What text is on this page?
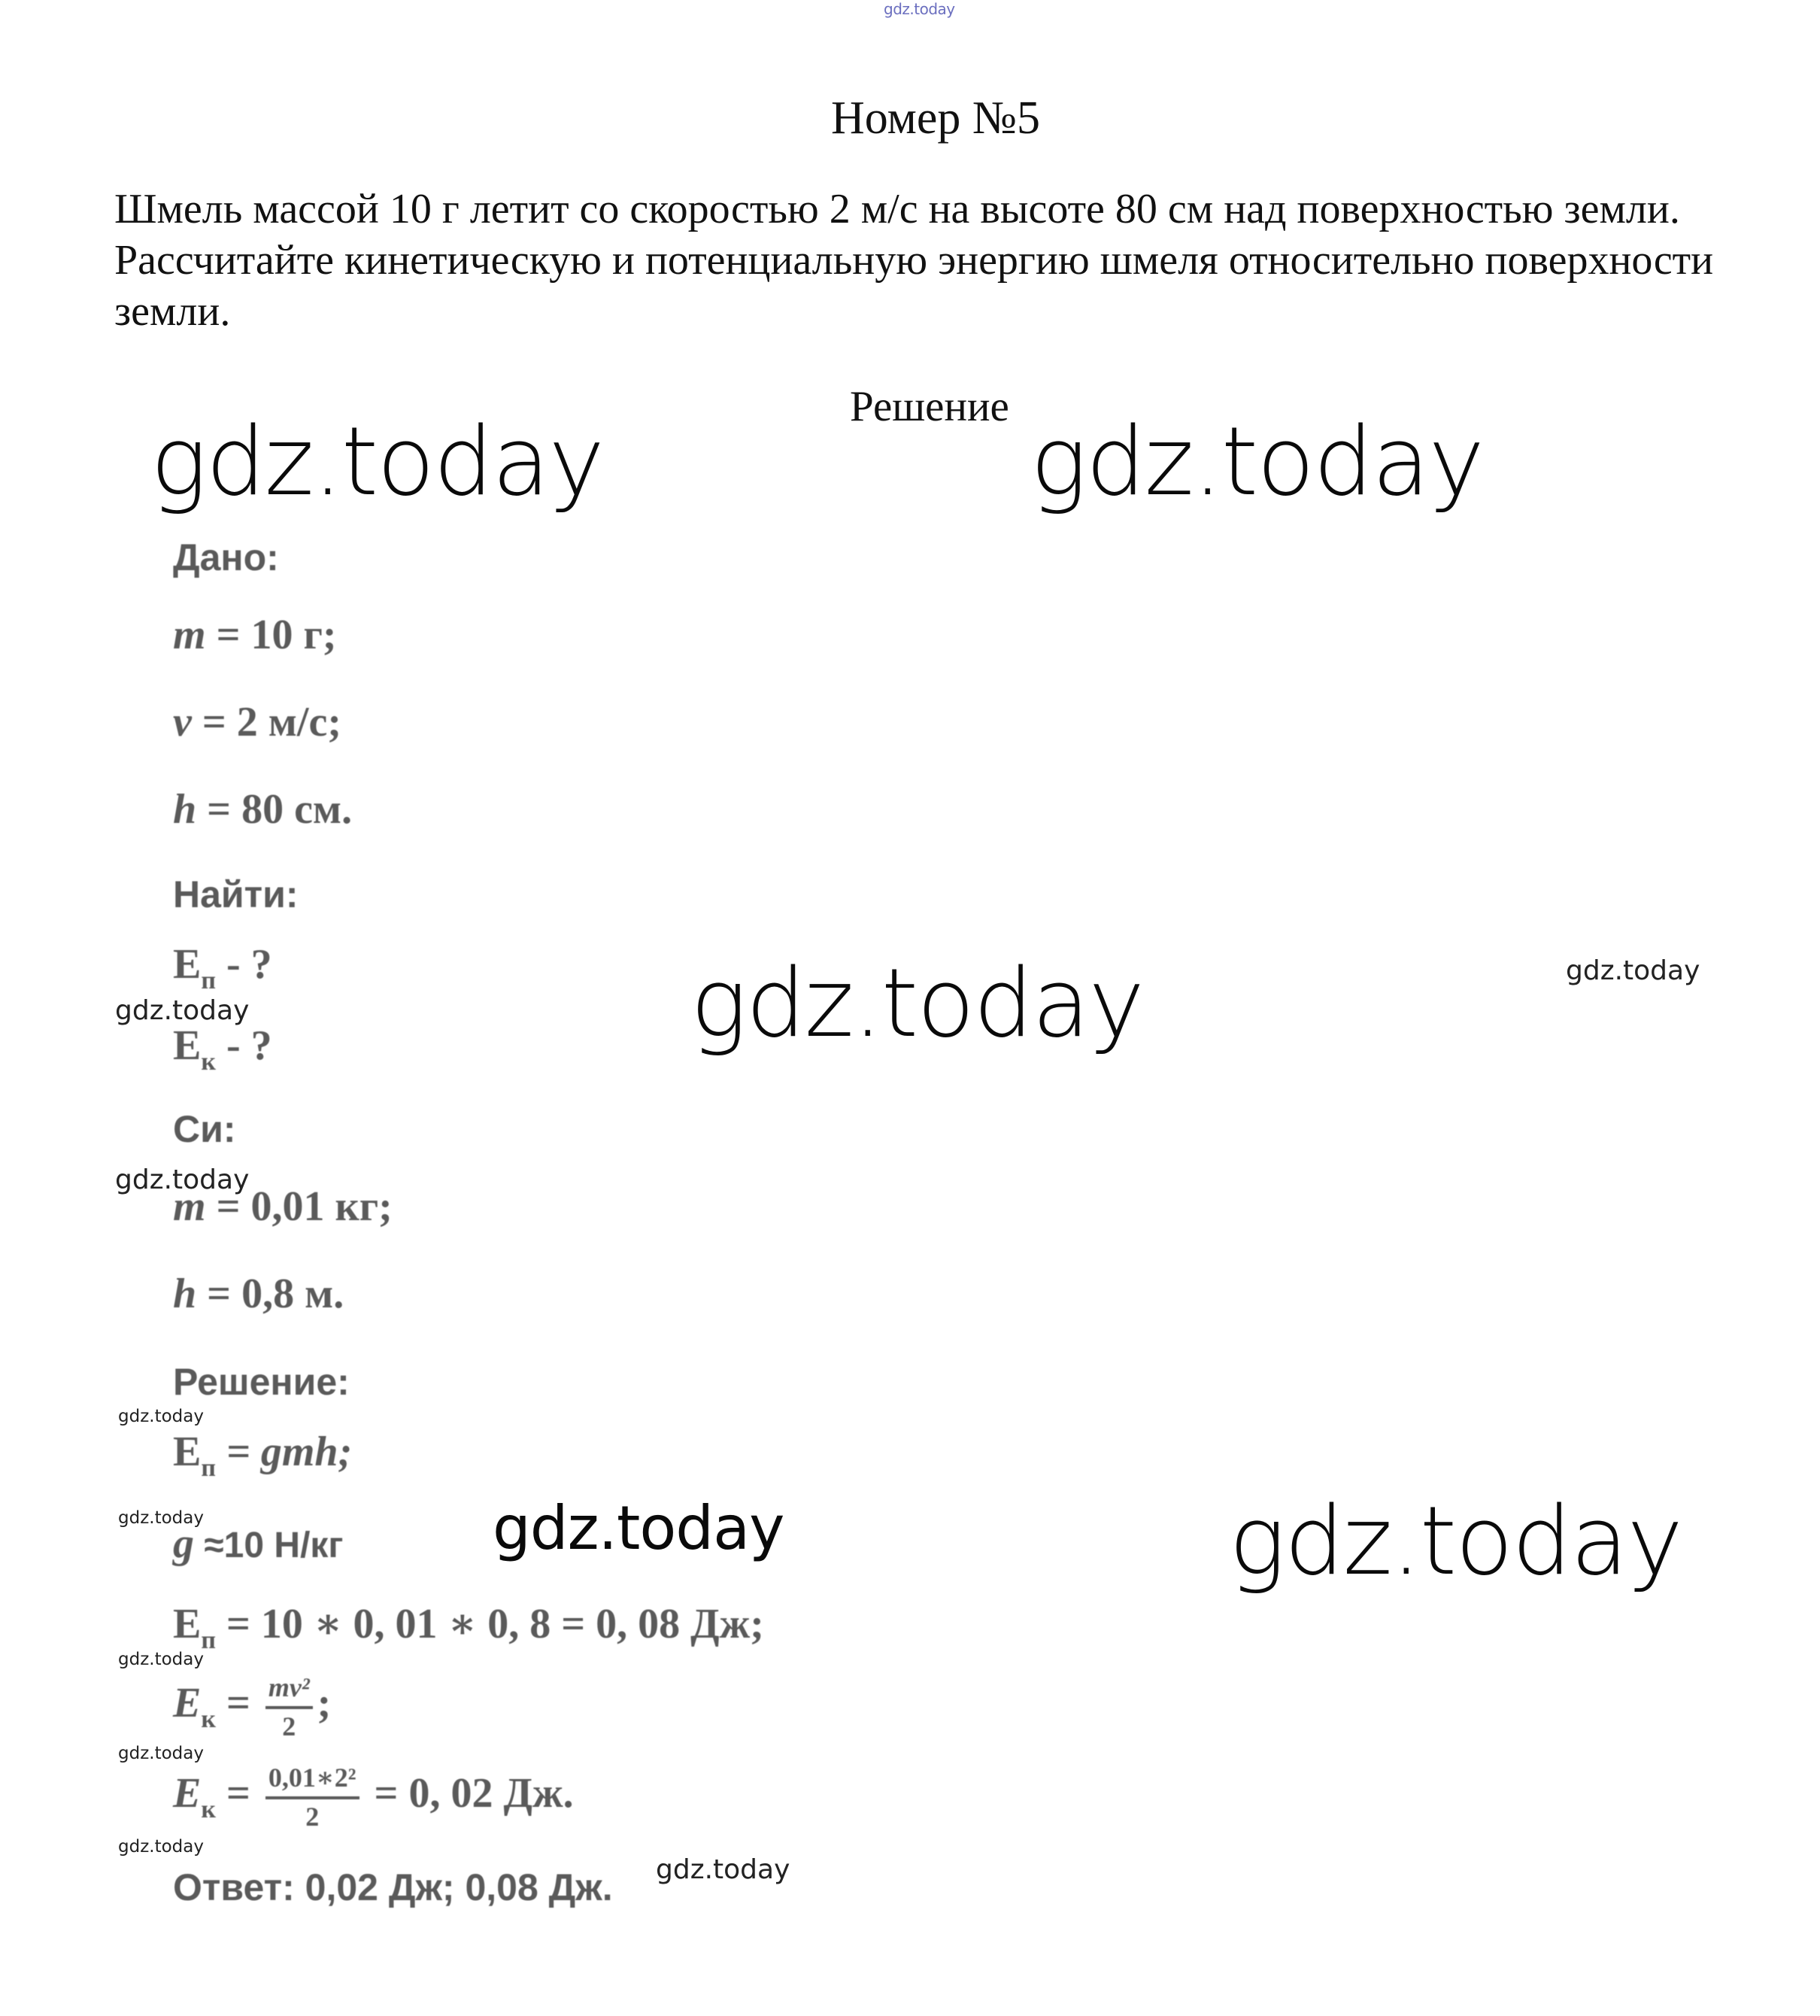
gdz.today
Номер №5
Шмель массой 10 г летит со скоростью 2 м/с на высоте 80 см над поверхностью земли. Рассчитайте кинетическую и потенциальную энергию шмеля относительно поверхности земли.
Решение
gdz.today	gdz.today
gdz.today
gdz.today
gdz.today
gdz.today
gdz.today
gdz.today
gdz.today
gdz.today
gdz.today
gdz.today
gdz.today
gdz.today
Дано:
m = 10 г;
v = 2 м/с;
h = 80 см.
Найти:
$E_п$ - ?
$E_к$ - ?
Си:
m = 0,01 кг;
h = 0,8 м.
Решение:
$E_п$ = gmh;
g ≈10 Н/кг
$E_п = 10$ ∗ 0, 01 ∗ 0, 8 = 0, 08 Дж;
$E_к = \frac{\text{mv²}}{2}$ ;
$E_к = \frac{\text{0,01∗2²}}{2} = 0$, 02 Дж.
Ответ: 0,02 Дж; 0,08 Дж.
